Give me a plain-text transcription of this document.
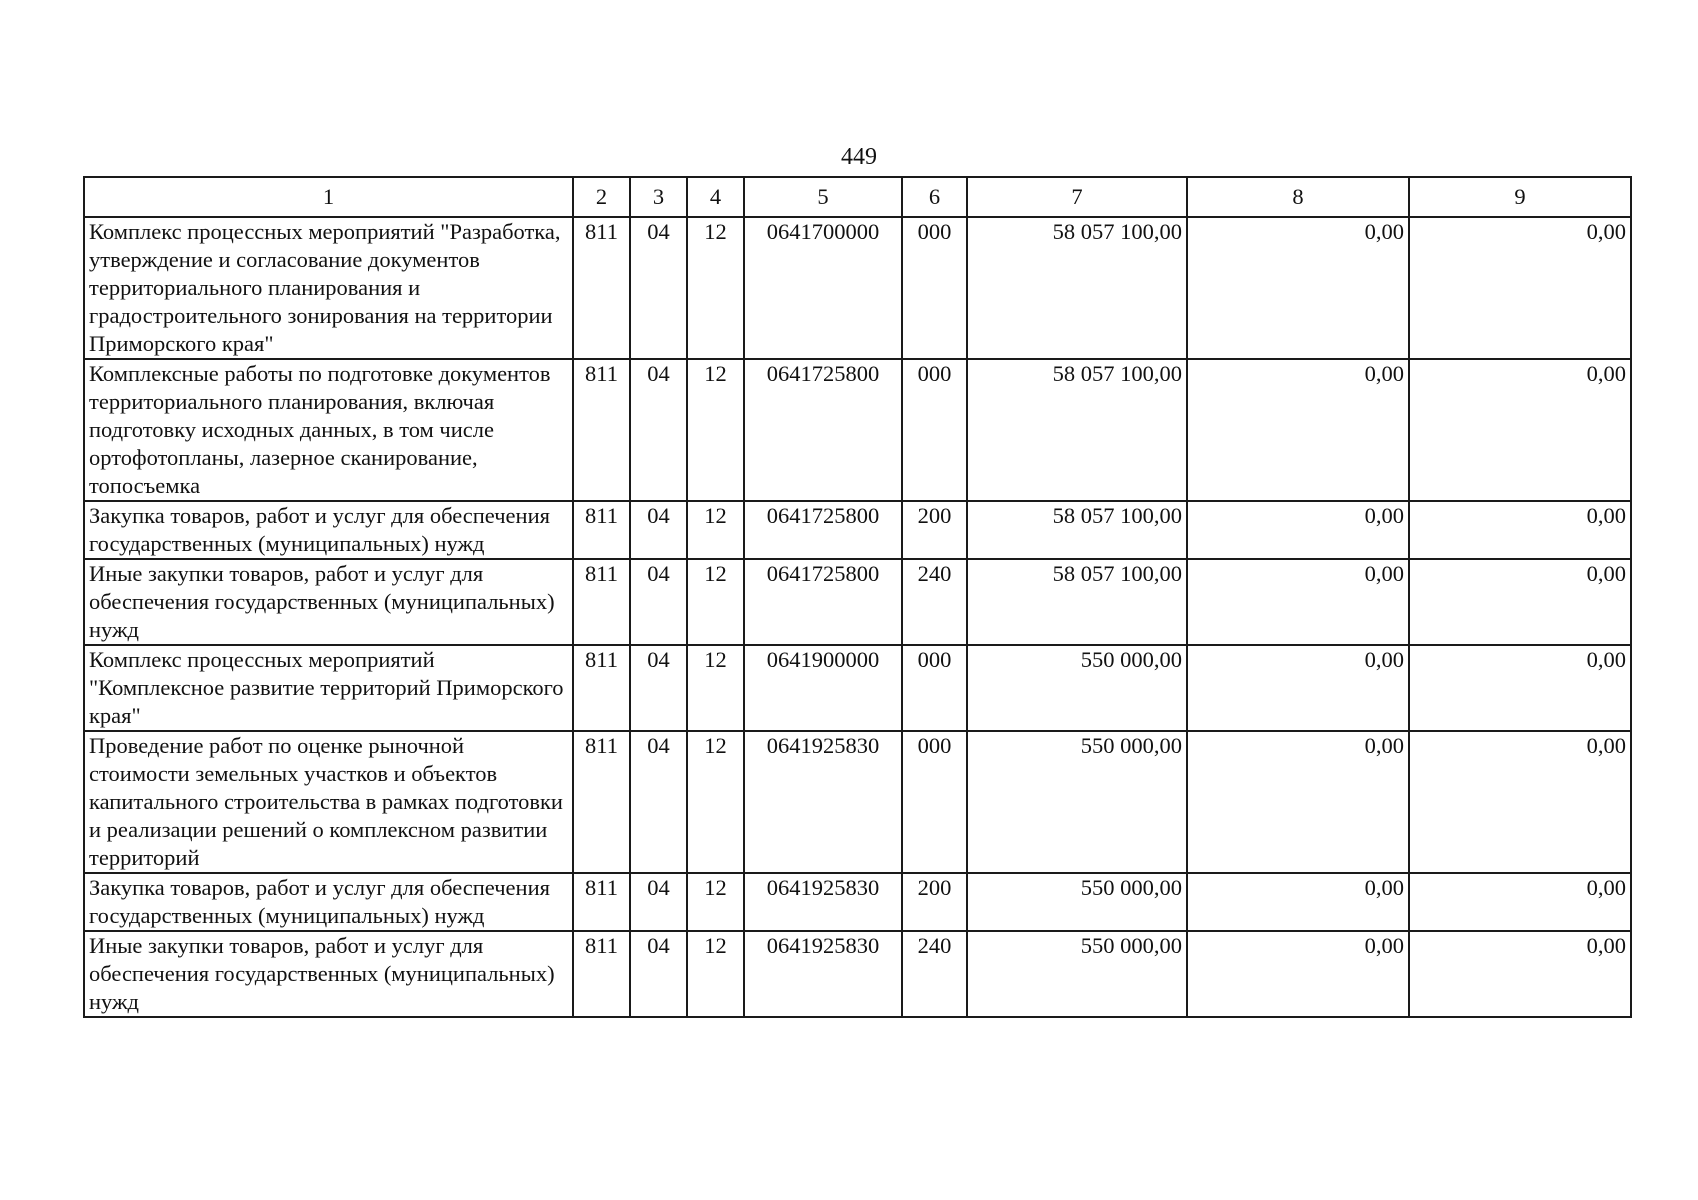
449
1	2	3	4	5	6	7	8	9
Комплекс процессных мероприятий "Разработка, утверждение и согласование документов территориального планирования и градостроительного зонирования на территории Приморского края"	811	04	12	0641700000	000	58 057 100,00	0,00	0,00
Комплексные работы по подготовке документов территориального планирования, включая подготовку исходных данных, в том числе ортофотопланы, лазерное сканирование, топосъемка	811	04	12	0641725800	000	58 057 100,00	0,00	0,00
Закупка товаров, работ и услуг для обеспечения государственных (муниципальных) нужд	811	04	12	0641725800	200	58 057 100,00	0,00	0,00
Иные закупки товаров, работ и услуг для обеспечения государственных (муниципальных) нужд	811	04	12	0641725800	240	58 057 100,00	0,00	0,00
Комплекс процессных мероприятий "Комплексное развитие территорий Приморского края"	811	04	12	0641900000	000	550 000,00	0,00	0,00
Проведение работ по оценке рыночной стоимости земельных участков и объектов капитального строительства в рамках подготовки и реализации решений о комплексном развитии территорий	811	04	12	0641925830	000	550 000,00	0,00	0,00
Закупка товаров, работ и услуг для обеспечения государственных (муниципальных) нужд	811	04	12	0641925830	200	550 000,00	0,00	0,00
Иные закупки товаров, работ и услуг для обеспечения государственных (муниципальных) нужд	811	04	12	0641925830	240	550 000,00	0,00	0,00
